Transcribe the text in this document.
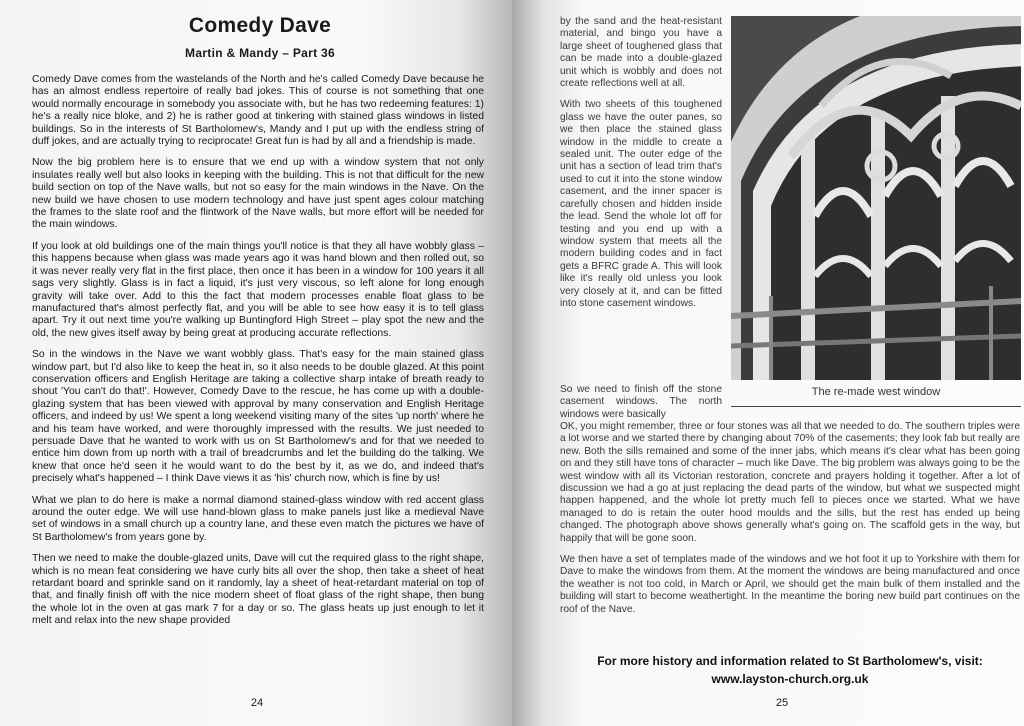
Comedy Dave
Martin & Mandy – Part 36

Comedy Dave comes from the wastelands of the North and he's called Comedy Dave because he has an almost endless repertoire of really bad jokes. This of course is not something that one would normally encourage in somebody you associate with, but he has two redeeming features: 1) he's a really nice bloke, and 2) he is rather good at tinkering with stained glass windows in listed buildings. So in the interests of St Bartholomew's, Mandy and I put up with the endless string of duff jokes, and are actually trying to reciprocate! Great fun is had by all and a friendship is made.

Now the big problem here is to ensure that we end up with a window system that not only insulates really well but also looks in keeping with the building. This is not that difficult for the new build section on top of the Nave walls, but not so easy for the main windows in the Nave. On the new build we have chosen to use modern technology and have just spent ages colour matching the frames to the slate roof and the flintwork of the Nave walls, but more effort will be needed for the main windows.

If you look at old buildings one of the main things you'll notice is that they all have wobbly glass – this happens because when glass was made years ago it was hand blown and then rolled out, so it was never really very flat in the first place, then once it has been in a window for 100 years it all sags very slightly. Glass is in fact a liquid, it's just very viscous, so left alone for long enough gravity will take over. Add to this the fact that modern processes enable float glass to be manufactured that's almost perfectly flat, and you will be able to see how easy it is to tell glass apart. Try it out next time you're walking up Buntingford High Street – play spot the new and the old, the new gives itself away by being great at producing accurate reflections.

So in the windows in the Nave we want wobbly glass. That's easy for the main stained glass window part, but I'd also like to keep the heat in, so it also needs to be double glazed. At this point conservation officers and English Heritage are taking a collective sharp intake of breath ready to shout 'You can't do that!'. However, Comedy Dave to the rescue, he has come up with a double-glazing system that has been viewed with approval by many conservation and English Heritage officers, and indeed by us! We spent a long weekend visiting many of the sites 'up north' where he and his team have worked, and were thoroughly impressed with the results. We just needed to persuade Dave that he wanted to work with us on St Bartholomew's and for that we needed to entice him down from up north with a trail of breadcrumbs and let the building do the talking. We knew that once he'd seen it he would want to do the best by it, as we do, and indeed that's precisely what's happened – I think Dave views it as 'his' church now, which is fine by us!

What we plan to do here is make a normal diamond stained-glass window with red accent glass around the outer edge. We will use hand-blown glass to make panels just like a medieval Nave set of windows in a small church up a country lane, and these even match the pictures we have of St Bartholomew's from years gone by.

Then we need to make the double-glazed units, Dave will cut the required glass to the right shape, which is no mean feat considering we have curly bits all over the shop, then take a sheet of heat retardant board and sprinkle sand on it randomly, lay a sheet of heat-retardant material on top of that, and finally finish off with the nice modern sheet of float glass of the right shape, then bung the whole lot in the oven at gas mark 7 for a day or so. The glass heats up just enough to let it melt and relax into the new shape provided

24

by the sand and the heat-resistant material, and bingo you have a large sheet of toughened glass that can be made into a double-glazed unit which is wobbly and does not create reflections well at all.

With two sheets of this toughened glass we have the outer panes, so we then place the stained glass window in the middle to create a sealed unit. The outer edge of the unit has a section of lead trim that's used to cut it into the stone window casement, and the inner spacer is carefully chosen and hidden inside the lead. Send the whole lot off for testing and you end up with a window system that meets all the modern building codes and in fact gets a BFRC grade A. This will look like it's really old unless you look very closely at it, and can be fitted into stone casement windows.

The re-made west window

So we need to finish off the stone casement windows. The north windows were basically

OK, you might remember, three or four stones was all that we needed to do. The southern triples were a lot worse and we started there by changing about 70% of the casements; they look fab but really are new. Both the sills remained and some of the inner jabs, which means it's clear what has been going on and they still have tons of character – much like Dave. The big problem was always going to be the west window with all its Victorian restoration, concrete and prayers holding it together. After a lot of discussion we had a go at just replacing the dead parts of the window, but what we suspected might happen happened, and the whole lot pretty much fell to pieces once we started. What we have managed to do is retain the outer hood moulds and the sills, but the rest has ended up being changed. The photograph above shows generally what's going on. The scaffold gets in the way, but happily that will be gone soon.

We then have a set of templates made of the windows and we hot foot it up to Yorkshire with them for Dave to make the windows from them. At the moment the windows are being manufactured and once the weather is not too cold, in March or April, we should get the main bulk of them installed and the building will start to become weathertight. In the meantime the boring new build part continues on the roof of the Nave.

For more history and information related to St Bartholomew's, visit:
www.layston-church.org.uk
25
